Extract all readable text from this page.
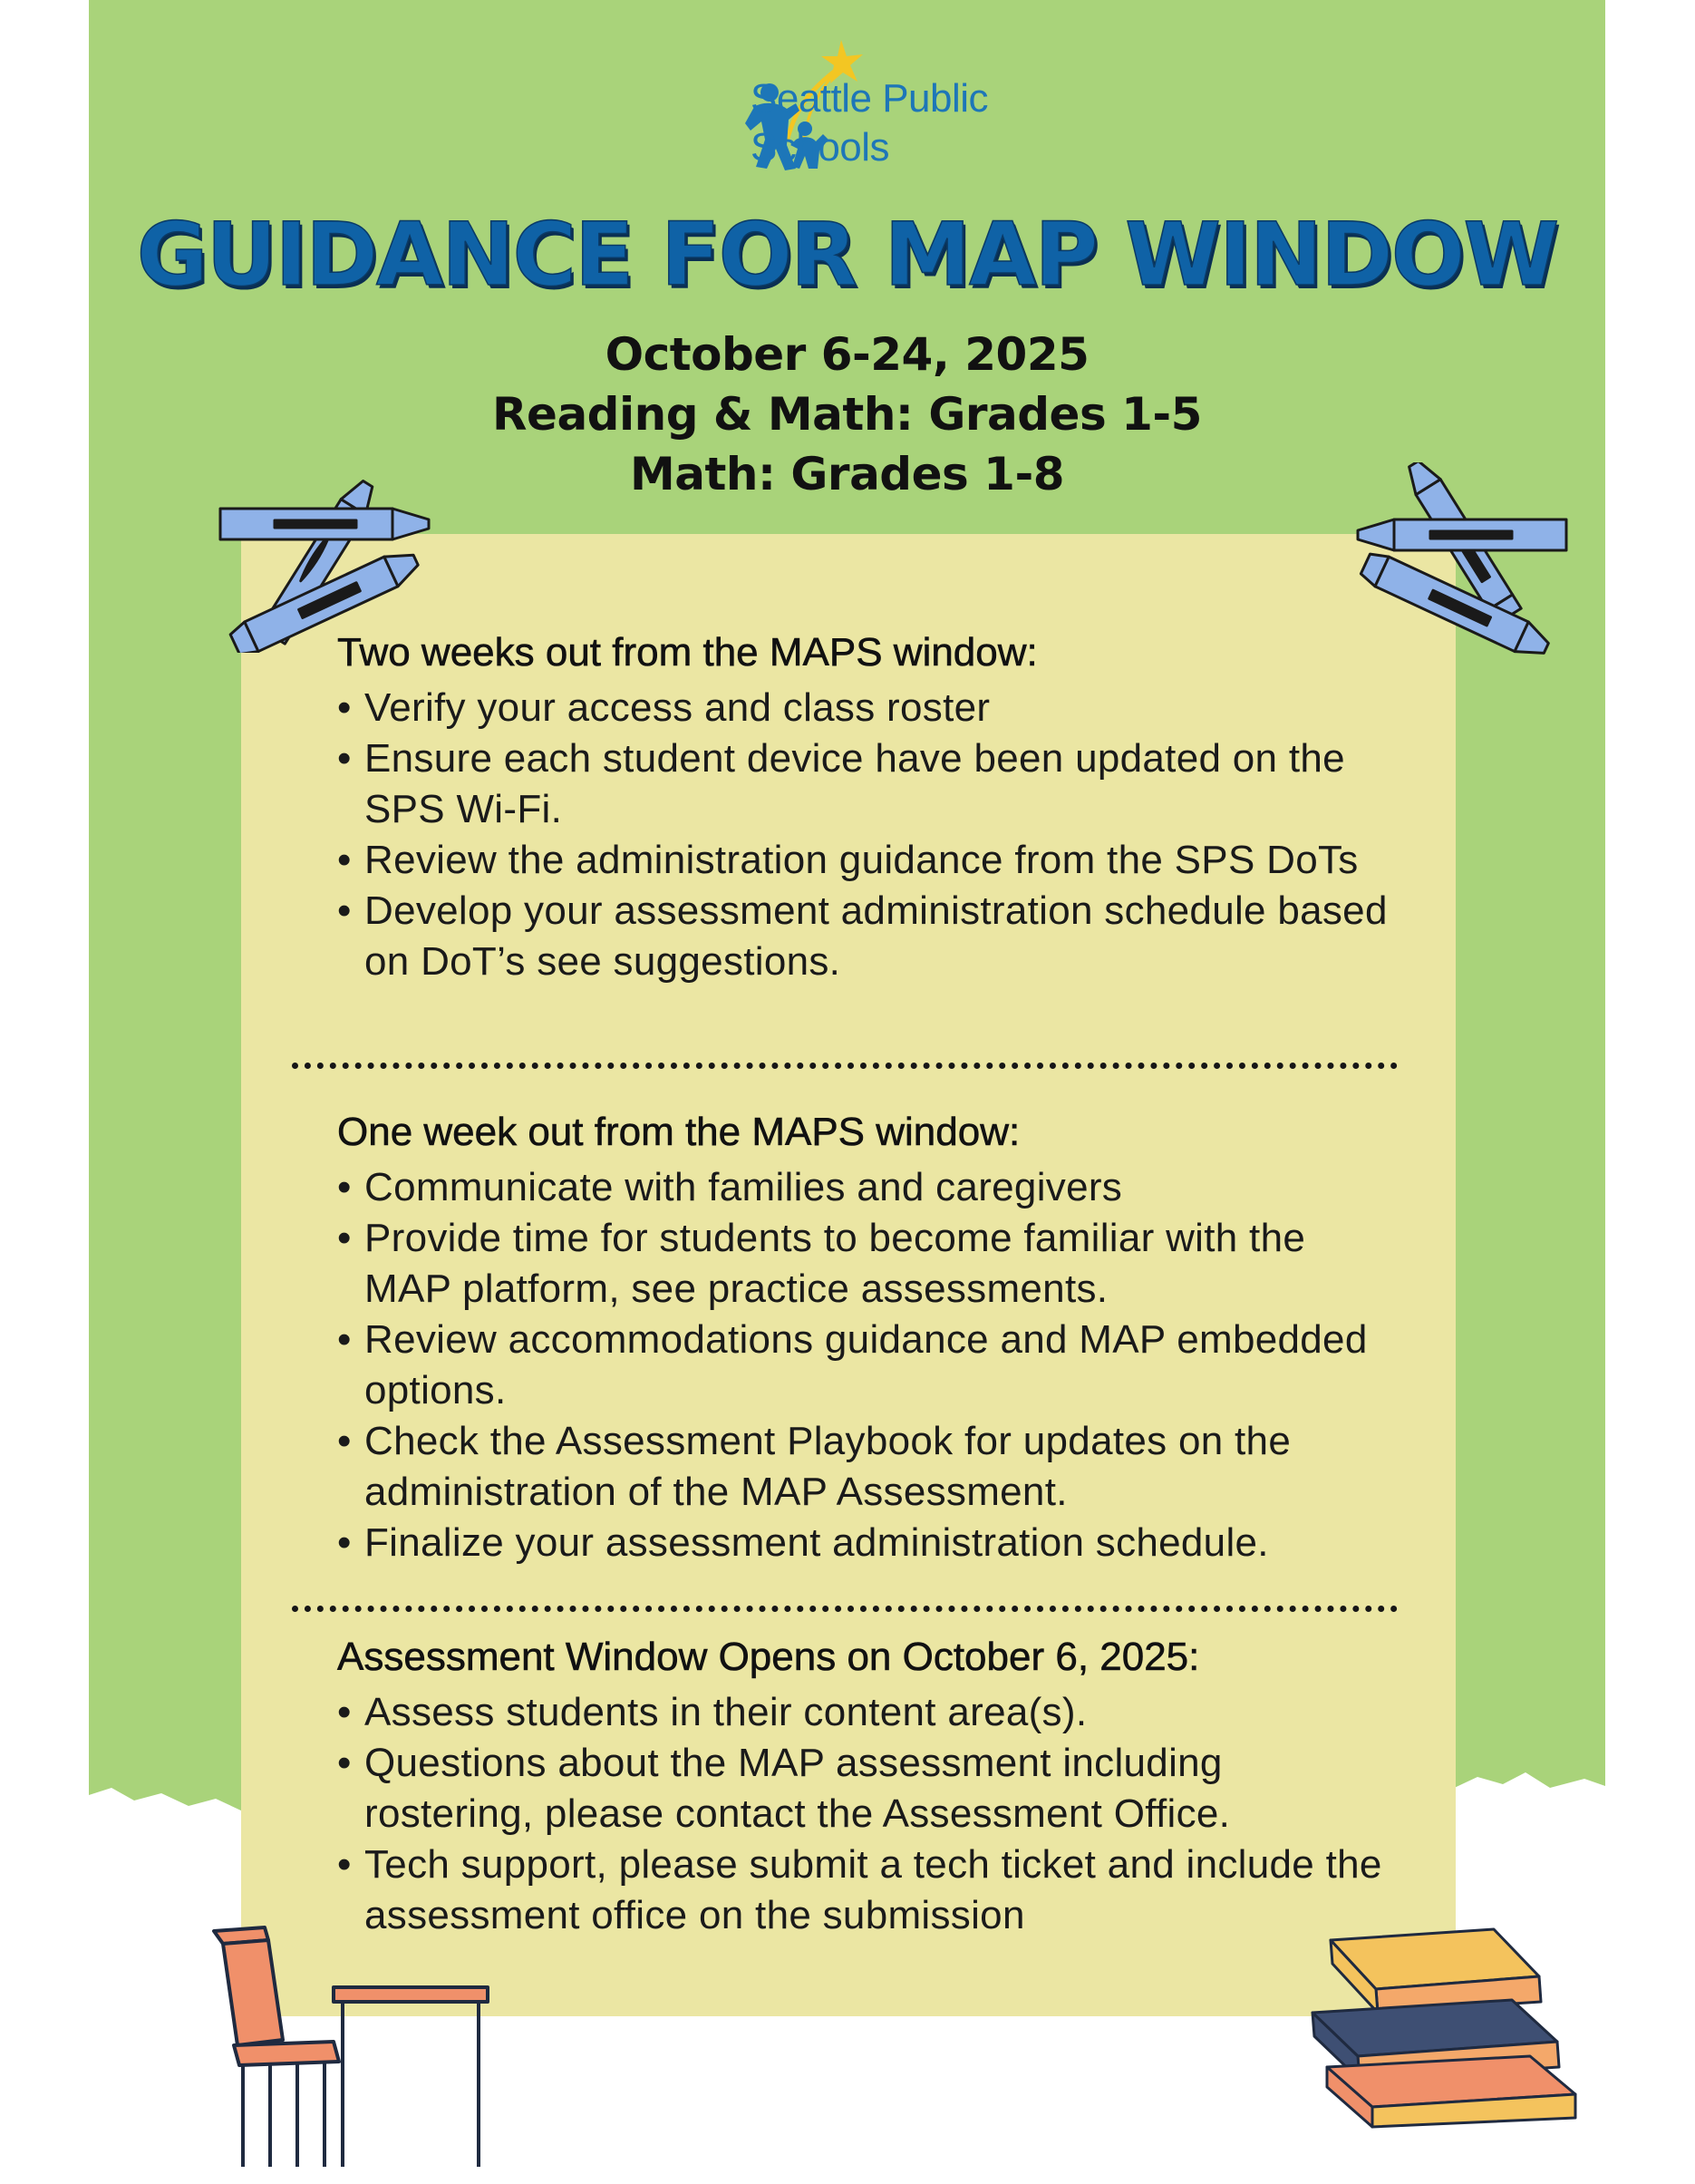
Seattle Public
Schools
GUIDANCE FOR MAP WINDOW
October 6-24, 2025
Reading & Math: Grades 1-5
Math: Grades 1-8
Two weeks out from the MAPS window:
• Verify your access and class roster
• Ensure each student device have been updated on the SPS Wi-Fi.
• Review the administration guidance from the SPS DoTs
• Develop your assessment administration schedule based on DoT’s see suggestions.
One week out from the MAPS window:
• Communicate with families and caregivers
• Provide time for students to become familiar with the MAP platform, see practice assessments.
• Review accommodations guidance and MAP embedded options.
• Check the Assessment Playbook for updates on the administration of the MAP Assessment.
• Finalize your assessment administration schedule.
Assessment Window Opens on October 6, 2025:
• Assess students in their content area(s).
• Questions about the MAP assessment including rostering, please contact the Assessment Office.
• Tech support, please submit a tech ticket and include the assessment office on the submission
